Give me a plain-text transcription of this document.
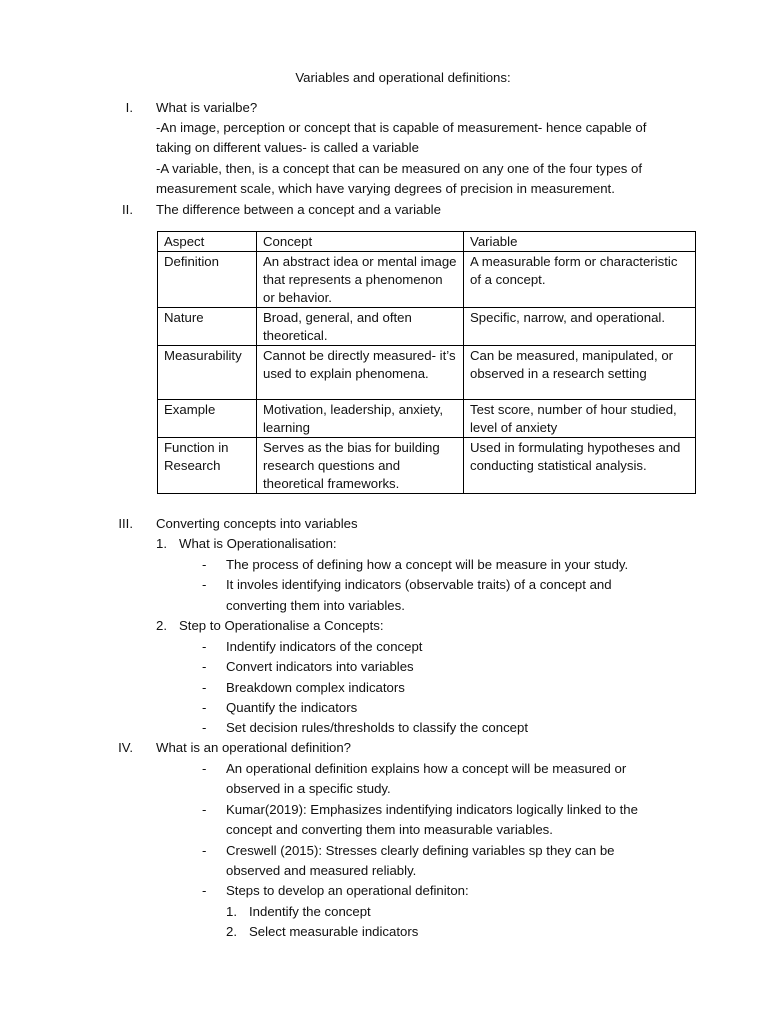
Variables and operational definitions:
I. What is varialbe?
-An image, perception or concept that is capable of measurement- hence capable of
taking on different values- is called a variable
-A variable, then, is a concept that can be measured on any one of the four types of
measurement scale, which have varying degrees of precision in measurement.
II. The difference between a concept and a variable
Aspect	Concept	Variable
Definition	An abstract idea or mental image that represents a phenomenon or behavior.	A measurable form or characteristic of a concept.
Nature	Broad, general, and often theoretical.	Specific, narrow, and operational.
Measurability	Cannot be directly measured- it’s used to explain phenomena.	Can be measured, manipulated, or observed in a research setting
Example	Motivation, leadership, anxiety, learning	Test score, number of hour studied, level of anxiety
Function in Research	Serves as the bias for building research questions and theoretical frameworks.	Used in formulating hypotheses and conducting statistical analysis.
III. Converting concepts into variables
1. What is Operationalisation:
- The process of defining how a concept will be measure in your study.
- It involes identifying indicators (observable traits) of a concept and
converting them into variables.
2. Step to Operationalise a Concepts:
- Indentify indicators of the concept
- Convert indicators into variables
- Breakdown complex indicators
- Quantify the indicators
- Set decision rules/thresholds to classify the concept
IV. What is an operational definition?
- An operational definition explains how a concept will be measured or
observed in a specific study.
- Kumar(2019): Emphasizes indentifying indicators logically linked to the
concept and converting them into measurable variables.
- Creswell (2015): Stresses clearly defining variables sp they can be
observed and measured reliably.
- Steps to develop an operational definiton:
1. Indentify the concept
2. Select measurable indicators
